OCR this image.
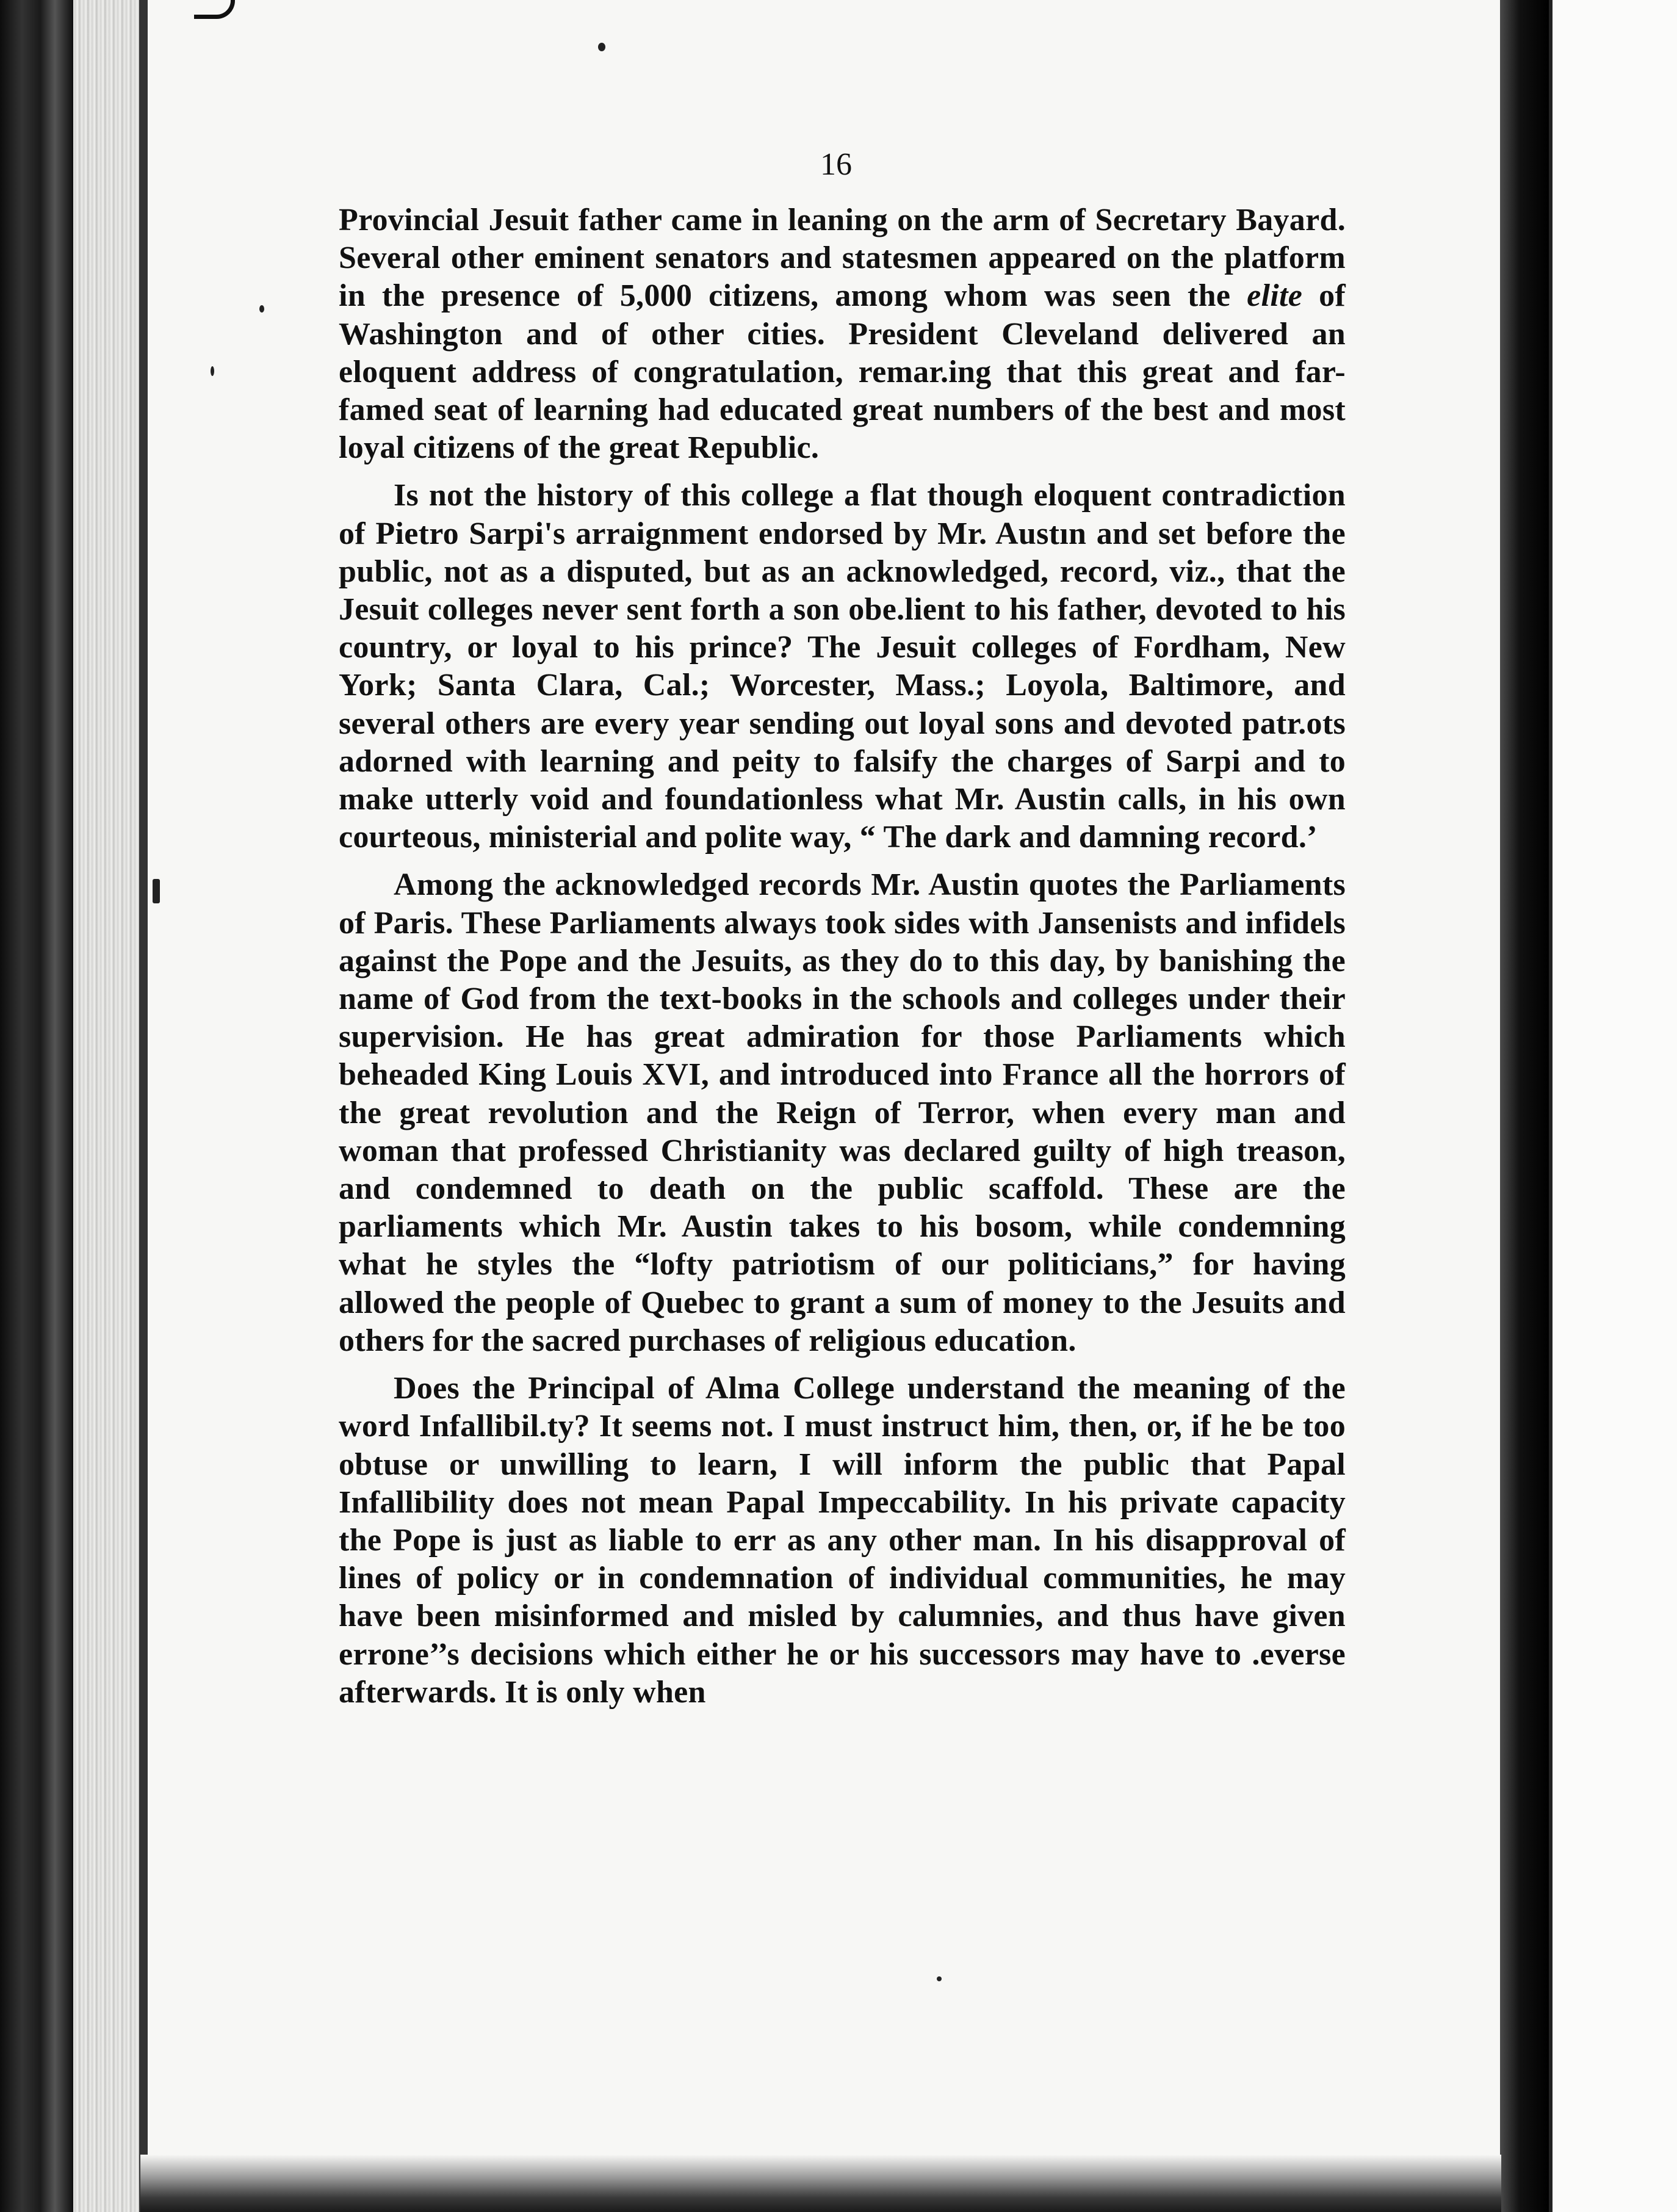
16

Provincial Jesuit father came in leaning on the arm of Secretary Bayard. Several other eminent senators and statesmen appeared on the platform in the presence of 5,000 citizens, among whom was seen the elite of Washington and of other cities. President Cleveland delivered an eloquent address of congratulation, remar.ing that this great and far-famed seat of learning had educated great numbers of the best and most loyal citizens of the great Republic.

Is not the history of this college a flat though eloquent contradiction of Pietro Sarpi's arraignment endorsed by Mr. Austın and set before the public, not as a disputed, but as an acknowledged, record, viz., that the Jesuit colleges never sent forth a son obe.lient to his father, devoted to his country, or loyal to his prince? The Jesuit colleges of Fordham, New York; Santa Clara, Cal.; Worcester, Mass.; Loyola, Baltimore, and several others are every year sending out loyal sons and devoted patr.ots adorned with learning and peity to falsify the charges of Sarpi and to make utterly void and foundationless what Mr. Austin calls, in his own courteous, ministerial and polite way, “ The dark and damning record.’

Among the acknowledged records Mr. Austin quotes the Parliaments of Paris. These Parliaments always took sides with Jansenists and infidels against the Pope and the Jesuits, as they do to this day, by banishing the name of God from the text-books in the schools and colleges under their supervision. He has great admiration for those Parliaments which beheaded King Louis XVI, and introduced into France all the horrors of the great revolution and the Reign of Terror, when every man and woman that professed Christianity was declared guilty of high treason, and condemned to death on the public scaffold. These are the parliaments which Mr. Austin takes to his bosom, while condemning what he styles the “lofty patriotism of our politicians,” for having allowed the people of Quebec to grant a sum of money to the Jesuits and others for the sacred purchases of religious education.

Does the Principal of Alma College understand the meaning of the word Infallibil.ty? It seems not. I must instruct him, then, or, if he be too obtuse or unwilling to learn, I will inform the public that Papal Infallibility does not mean Papal Impeccability. In his private capacity the Pope is just as liable to err as any other man. In his disapproval of lines of policy or in condemnation of individual communities, he may have been misinformed and misled by calumnies, and thus have given errone’’s decisions which either he or his successors may have to .everse afterwards. It is only when
